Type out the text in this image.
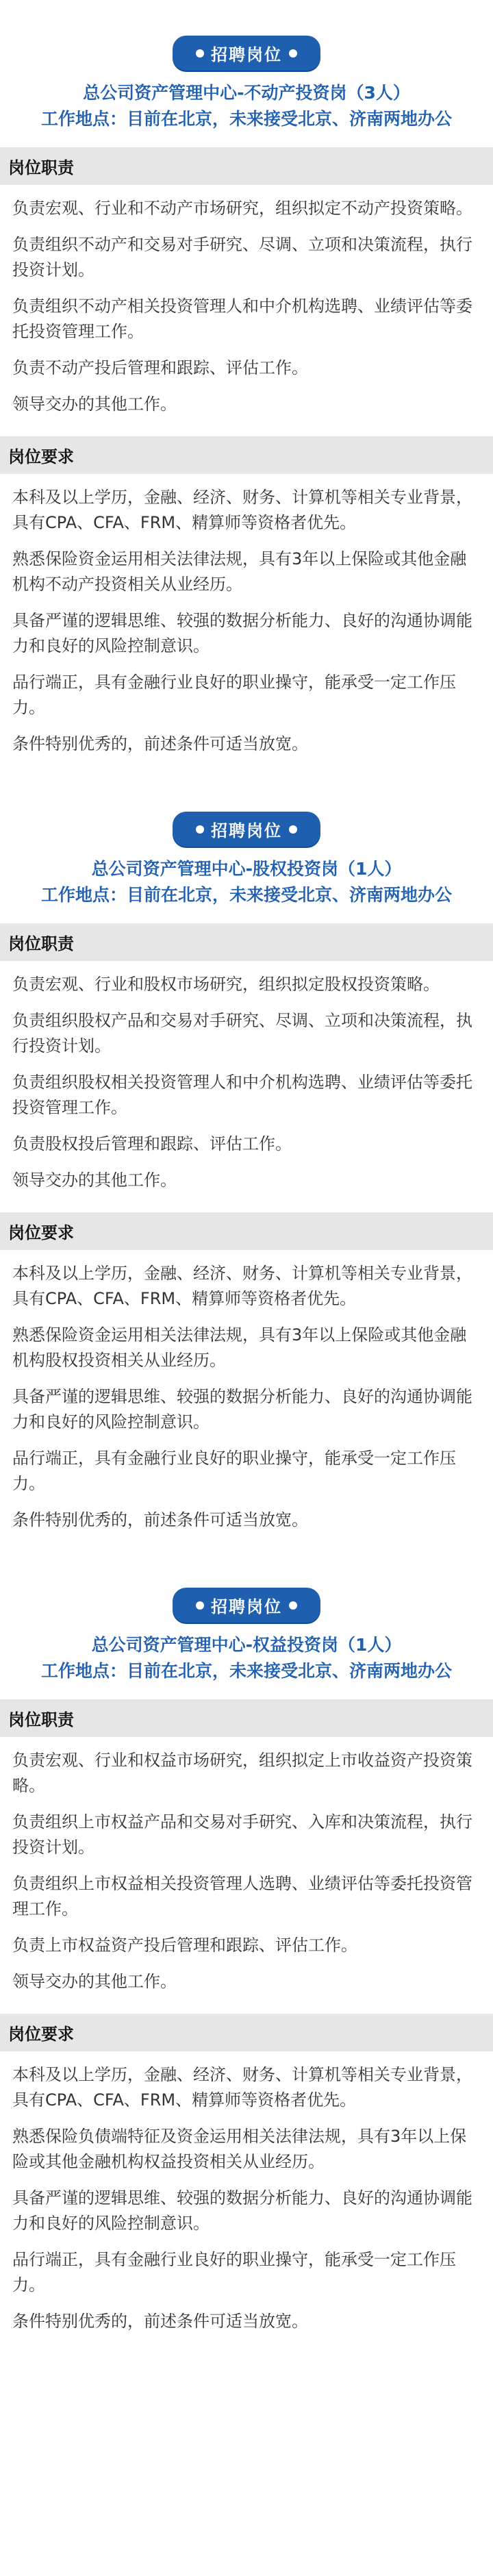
招聘岗位
总公司资产管理中心-不动产投资岗（3人）
工作地点：目前在北京，未来接受北京、济南两地办公
岗位职责
负责宏观、行业和不动产市场研究，组织拟定不动产投资策略。
负责组织不动产和交易对手研究、尽调、立项和决策流程，执行投资计划。
负责组织不动产相关投资管理人和中介机构选聘、业绩评估等委托投资管理工作。
负责不动产投后管理和跟踪、评估工作。
领导交办的其他工作。
岗位要求
本科及以上学历，金融、经济、财务、计算机等相关专业背景，具有CPA、CFA、FRM、精算师等资格者优先。
熟悉保险资金运用相关法律法规，具有3年以上保险或其他金融机构不动产投资相关从业经历。
具备严谨的逻辑思维、较强的数据分析能力、良好的沟通协调能力和良好的风险控制意识。
品行端正，具有金融行业良好的职业操守，能承受一定工作压力。
条件特别优秀的，前述条件可适当放宽。
招聘岗位
总公司资产管理中心-股权投资岗（1人）
工作地点：目前在北京，未来接受北京、济南两地办公
岗位职责
负责宏观、行业和股权市场研究，组织拟定股权投资策略。
负责组织股权产品和交易对手研究、尽调、立项和决策流程，执行投资计划。
负责组织股权相关投资管理人和中介机构选聘、业绩评估等委托投资管理工作。
负责股权投后管理和跟踪、评估工作。
领导交办的其他工作。
岗位要求
本科及以上学历，金融、经济、财务、计算机等相关专业背景，具有CPA、CFA、FRM、精算师等资格者优先。
熟悉保险资金运用相关法律法规，具有3年以上保险或其他金融机构股权投资相关从业经历。
具备严谨的逻辑思维、较强的数据分析能力、良好的沟通协调能力和良好的风险控制意识。
品行端正，具有金融行业良好的职业操守，能承受一定工作压力。
条件特别优秀的，前述条件可适当放宽。
招聘岗位
总公司资产管理中心-权益投资岗（1人）
工作地点：目前在北京，未来接受北京、济南两地办公
岗位职责
负责宏观、行业和权益市场研究，组织拟定上市收益资产投资策略。
负责组织上市权益产品和交易对手研究、入库和决策流程，执行投资计划。
负责组织上市权益相关投资管理人选聘、业绩评估等委托投资管理工作。
负责上市权益资产投后管理和跟踪、评估工作。
领导交办的其他工作。
岗位要求
本科及以上学历，金融、经济、财务、计算机等相关专业背景，具有CPA、CFA、FRM、精算师等资格者优先。
熟悉保险负债端特征及资金运用相关法律法规，具有3年以上保险或其他金融机构权益投资相关从业经历。
具备严谨的逻辑思维、较强的数据分析能力、良好的沟通协调能力和良好的风险控制意识。
品行端正，具有金融行业良好的职业操守，能承受一定工作压力。
条件特别优秀的，前述条件可适当放宽。
